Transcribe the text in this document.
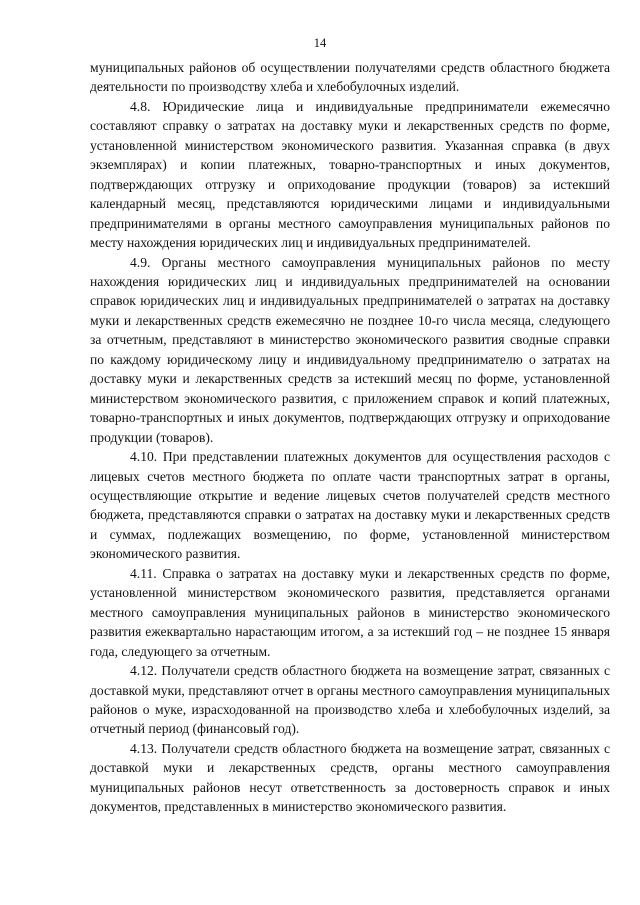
14

муниципальных районов об осуществлении получателями средств областного бюджета деятельности по производству хлеба и хлебобулочных изделий.

4.8. Юридические лица и индивидуальные предприниматели ежемесячно составляют справку о затратах на доставку муки и лекарственных средств по форме, установленной министерством экономического развития. Указанная справка (в двух экземплярах) и копии платежных, товарно-транспортных и иных документов, подтверждающих отгрузку и оприходование продукции (товаров) за истекший календарный месяц, представляются юридическими лицами и индивидуальными предпринимателями в органы местного самоуправления муниципальных районов по месту нахождения юридических лиц и индивидуальных предпринимателей.

4.9. Органы местного самоуправления муниципальных районов по месту нахождения юридических лиц и индивидуальных предпринимателей на основании справок юридических лиц и индивидуальных предпринимателей о затратах на доставку муки и лекарственных средств ежемесячно не позднее 10-го числа месяца, следующего за отчетным, представляют в министерство экономического развития сводные справки по каждому юридическому лицу и индивидуальному предпринимателю о затратах на доставку муки и лекарственных средств за истекший месяц по форме, установленной министерством экономического развития, с приложением справок и копий платежных, товарно-транспортных и иных документов, подтверждающих отгрузку и оприходование продукции (товаров).

4.10. При представлении платежных документов для осуществления расходов с лицевых счетов местного бюджета по оплате части транспортных затрат в органы, осуществляющие открытие и ведение лицевых счетов получателей средств местного бюджета, представляются справки о затратах на доставку муки и лекарственных средств и суммах, подлежащих возмещению, по форме, установленной министерством экономического развития.

4.11. Справка о затратах на доставку муки и лекарственных средств по форме, установленной министерством экономического развития, представляется органами местного самоуправления муниципальных районов в министерство экономического развития ежеквартально нарастающим итогом, а за истекший год – не позднее 15 января года, следующего за отчетным.

4.12. Получатели средств областного бюджета на возмещение затрат, связанных с доставкой муки, представляют отчет в органы местного самоуправления муниципальных районов о муке, израсходованной на производство хлеба и хлебобулочных изделий, за отчетный период (финансовый год).

4.13. Получатели средств областного бюджета на возмещение затрат, связанных с доставкой муки и лекарственных средств, органы местного самоуправления муниципальных районов несут ответственность за достоверность справок и иных документов, представленных в министерство экономического развития.
